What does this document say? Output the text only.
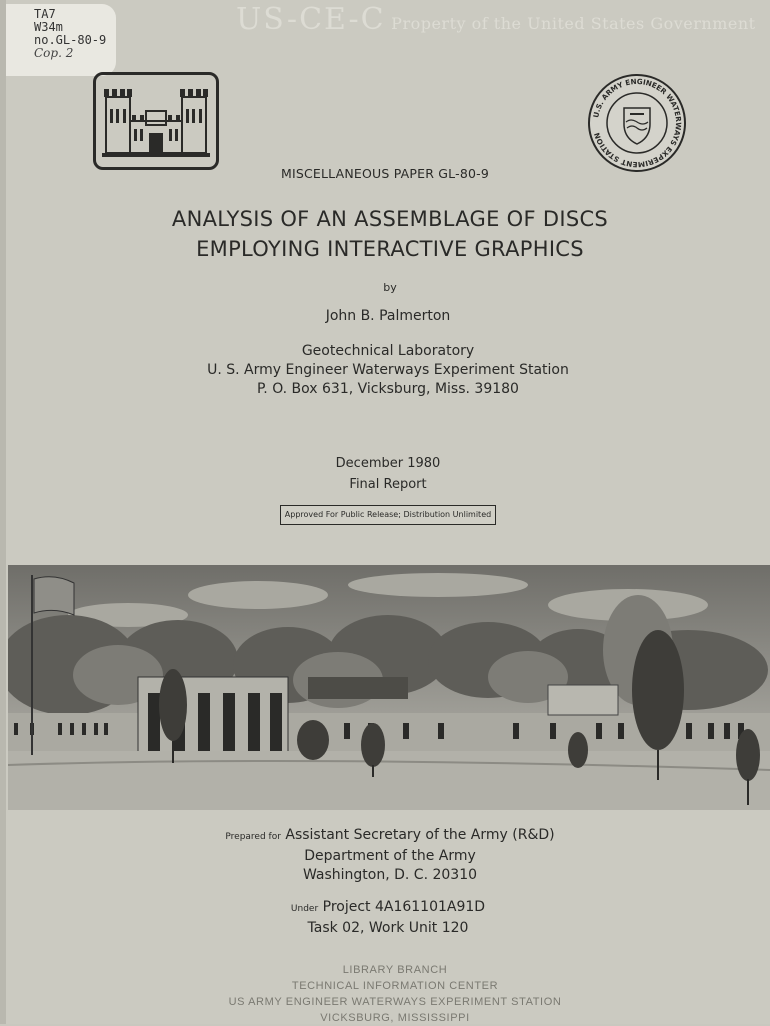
TA7
W34m
no.GL-80-9
Cop. 2
US-CE-C Property of the United States Government
U.S. ARMY ENGINEER WATERWAYS EXPERIMENT STATION
MISCELLANEOUS PAPER GL-80-9
ANALYSIS OF AN ASSEMBLAGE OF DISCS
EMPLOYING INTERACTIVE GRAPHICS
by
John B. Palmerton
Geotechnical Laboratory
U. S. Army Engineer Waterways Experiment Station
P. O. Box 631, Vicksburg, Miss. 39180
December 1980
Final Report
Approved For Public Release; Distribution Unlimited
Prepared for Assistant Secretary of the Army (R&D)
Department of the Army
Washington, D. C. 20310
Under Project 4A161101A91D
Task 02, Work Unit 120
LIBRARY BRANCH
TECHNICAL INFORMATION CENTER
US ARMY ENGINEER WATERWAYS EXPERIMENT STATION
VICKSBURG, MISSISSIPPI
